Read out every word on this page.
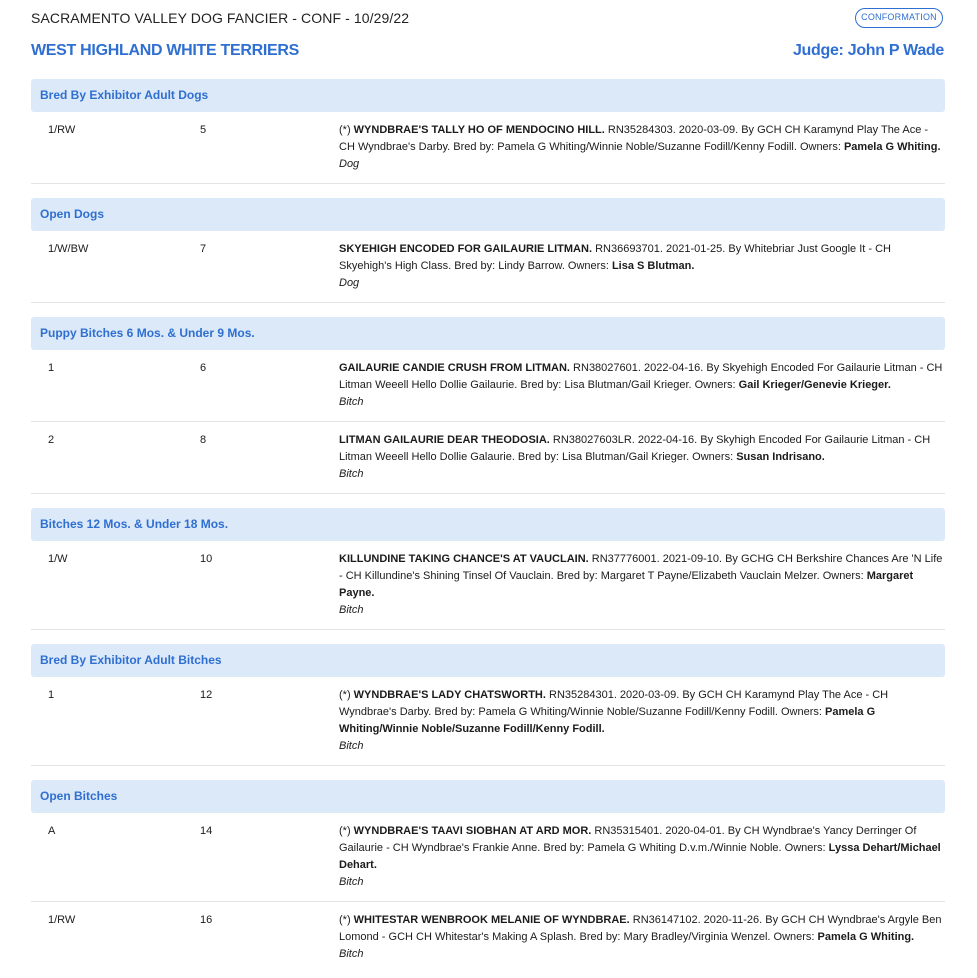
SACRAMENTO VALLEY DOG FANCIER - CONF - 10/29/22	CONFORMATION
WEST HIGHLAND WHITE TERRIERS	Judge: John P Wade
Bred By Exhibitor Adult Dogs
1/RW	5	(*) WYNDBRAE'S TALLY HO OF MENDOCINO HILL. RN35284303. 2020-03-09. By GCH CH Karamynd Play The Ace - CH Wyndbrae's Darby. Bred by: Pamela G Whiting/Winnie Noble/Suzanne Fodill/Kenny Fodill. Owners: Pamela G Whiting.
Dog
Open Dogs
1/W/BW	7	SKYEHIGH ENCODED FOR GAILAURIE LITMAN. RN36693701. 2021-01-25. By Whitebriar Just Google It - CH Skyehigh's High Class. Bred by: Lindy Barrow. Owners: Lisa S Blutman.
Dog
Puppy Bitches 6 Mos. & Under 9 Mos.
1	6	GAILAURIE CANDIE CRUSH FROM LITMAN. RN38027601. 2022-04-16. By Skyehigh Encoded For Gailaurie Litman - CH Litman Weeell Hello Dollie Gailaurie. Bred by: Lisa Blutman/Gail Krieger. Owners: Gail Krieger/Genevie Krieger.
Bitch
2	8	LITMAN GAILAURIE DEAR THEODOSIA. RN38027603LR. 2022-04-16. By Skyhigh Encoded For Gailaurie Litman - CH Litman Weeell Hello Dollie Galaurie. Bred by: Lisa Blutman/Gail Krieger. Owners: Susan Indrisano.
Bitch
Bitches 12 Mos. & Under 18 Mos.
1/W	10	KILLUNDINE TAKING CHANCE'S AT VAUCLAIN. RN37776001. 2021-09-10. By GCHG CH Berkshire Chances Are 'N Life - CH Killundine's Shining Tinsel Of Vauclain. Bred by: Margaret T Payne/Elizabeth Vauclain Melzer. Owners: Margaret Payne.
Bitch
Bred By Exhibitor Adult Bitches
1	12	(*) WYNDBRAE'S LADY CHATSWORTH. RN35284301. 2020-03-09. By GCH CH Karamynd Play The Ace - CH Wyndbrae's Darby. Bred by: Pamela G Whiting/Winnie Noble/Suzanne Fodill/Kenny Fodill. Owners: Pamela G Whiting/Winnie Noble/Suzanne Fodill/Kenny Fodill.
Bitch
Open Bitches
A	14	(*) WYNDBRAE'S TAAVI SIOBHAN AT ARD MOR. RN35315401. 2020-04-01. By CH Wyndbrae's Yancy Derringer Of Gailaurie - CH Wyndbrae's Frankie Anne. Bred by: Pamela G Whiting D.v.m./Winnie Noble. Owners: Lyssa Dehart/Michael Dehart.
Bitch
1/RW	16	(*) WHITESTAR WENBROOK MELANIE OF WYNDBRAE. RN36147102. 2020-11-26. By GCH CH Wyndbrae's Argyle Ben Lomond - GCH CH Whitestar's Making A Splash. Bred by: Mary Bradley/Virginia Wenzel. Owners: Pamela G Whiting.
Bitch
